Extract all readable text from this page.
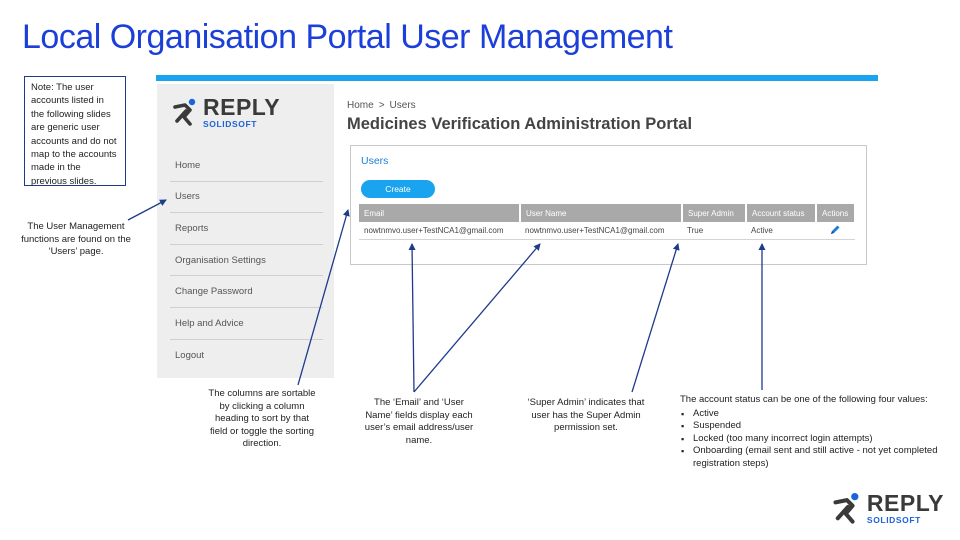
Local Organisation Portal User Management
Note: The user accounts listed in the following slides are generic user accounts and do not map to the accounts made in the previous slides.
REPLY
SOLIDSOFT
Home
Users
Reports
Organisation Settings
Change Password
Help and Advice
Logout
Home > Users
Medicines Verification Administration Portal
Users
Create
Email	User Name	Super Admin	Account status	Actions
nowtnmvo.user+TestNCA1@gmail.com	nowtnmvo.user+TestNCA1@gmail.com	True	Active	
The User Management functions are found on the ‘Users’ page.
The columns are sortable by clicking a column heading to sort by that field or toggle the sorting direction.
The ‘Email’ and ‘User Name’ fields display each user’s email address/user name.
‘Super Admin’ indicates that user has the Super Admin permission set.
The account status can be one of the following four values:
▪ Active
▪ Suspended
▪ Locked (too many incorrect login attempts)
▪ Onboarding (email sent and still active - not yet completed registration steps)
REPLY
SOLIDSOFT
